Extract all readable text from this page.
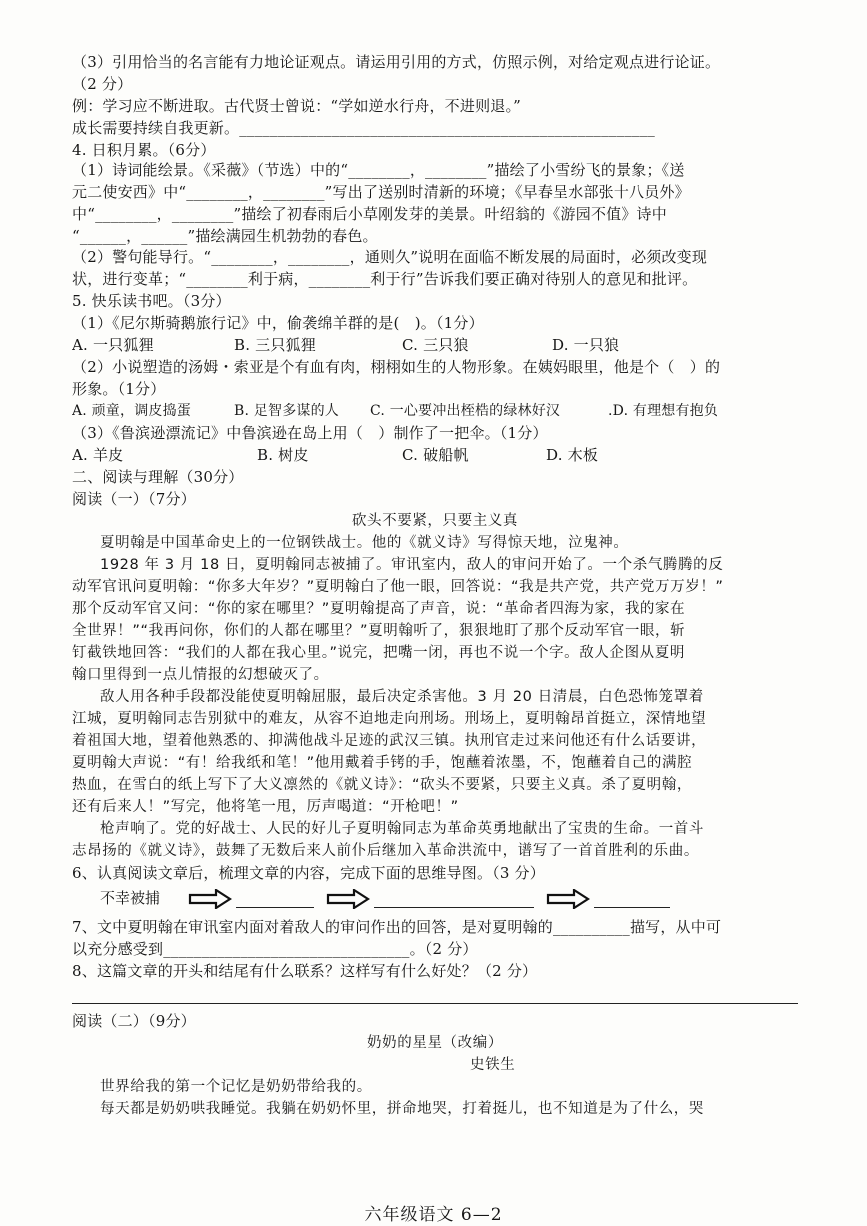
（3）引用恰当的名言能有力地论证观点。请运用引用的方式，仿照示例，对给定观点进行论证。
（2 分）
例：学习应不断进取。古代贤士曾说：“学如逆水行舟，不进则退。”
成长需要持续自我更新。______________________________________________________
4. 日积月累。（6分）
（1）诗词能绘景。《采薇》（节选）中的“________，________”描绘了小雪纷飞的景象；《送
元二使安西》中“________，________”写出了送别时清新的环境；《早春呈水部张十八员外》
中“________，________”描绘了初春雨后小草刚发芽的美景。叶绍翁的《游园不值》诗中
“______，______”描绘满园生机勃勃的春色。
（2）警句能导行。“________，________，通则久”说明在面临不断发展的局面时，必须改变现
状，进行变革；“________利于病，________利于行”告诉我们要正确对待别人的意见和批评。
5. 快乐读书吧。（3分）
（1）《尼尔斯骑鹅旅行记》中，偷袭绵羊群的是(　)。（1分）
A. 一只狐狸	B. 三只狐狸	C. 三只狼	D. 一只狼
（2）小说塑造的汤姆・索亚是个有血有肉，栩栩如生的人物形象。在姨妈眼里，他是个（　）的
形象。（1分）
A. 顽童，调皮捣蛋	B. 足智多谋的人	C. 一心要冲出桎梏的绿林好汉	.D. 有理想有抱负
（3）《鲁滨逊漂流记》中鲁滨逊在岛上用（　）制作了一把伞。（1分）
A. 羊皮	B. 树皮	C. 破船帆	D. 木板
二、阅读与理解（30分）
阅读（一）（7分）
砍头不要紧，只要主义真
夏明翰是中国革命史上的一位钢铁战士。他的《就义诗》写得惊天地，泣鬼神。
1928 年 3 月 18 日，夏明翰同志被捕了。审讯室内，敌人的审问开始了。一个杀气腾腾的反
动军官讯问夏明翰：“你多大年岁？”夏明翰白了他一眼，回答说：“我是共产党，共产党万万岁！”
那个反动军官又问：“你的家在哪里？”夏明翰提高了声音，说：“革命者四海为家，我的家在
全世界！”“我再问你，你们的人都在哪里？”夏明翰听了，狠狠地盯了那个反动军官一眼，斩
钉截铁地回答：“我们的人都在我心里。”说完，把嘴一闭，再也不说一个字。敌人企图从夏明
翰口里得到一点儿情报的幻想破灭了。
敌人用各种手段都没能使夏明翰屈服，最后决定杀害他。3 月 20 日清晨，白色恐怖笼罩着
江城，夏明翰同志告别狱中的难友，从容不迫地走向刑场。刑场上，夏明翰昂首挺立，深情地望
着祖国大地，望着他熟悉的、抑满他战斗足迹的武汉三镇。执刑官走过来问他还有什么话要讲，
夏明翰大声说：“有！给我纸和笔！”他用戴着手铐的手，饱蘸着浓墨，不，饱蘸着自己的满腔
热血，在雪白的纸上写下了大义凛然的《就义诗》：“砍头不要紧，只要主义真。杀了夏明翰，
还有后来人！”写完，他将笔一甩，厉声喝道：“开枪吧！”
枪声响了。党的好战士、人民的好儿子夏明翰同志为革命英勇地献出了宝贵的生命。一首斗
志昂扬的《就义诗》，鼓舞了无数后来人前仆后继加入革命洪流中，谱写了一首首胜利的乐曲。
6、认真阅读文章后，梳理文章的内容，完成下面的思维导图。（3 分）
不幸被捕
7、文中夏明翰在审讯室内面对着敌人的审问作出的回答，是对夏明翰的__________描写，从中可
以充分感受到________________________________。（2 分）
8、这篇文章的开头和结尾有什么联系？这样写有什么好处？（2 分）
阅读（二）（9分）
奶奶的星星（改编）
史铁生
世界给我的第一个记忆是奶奶带给我的。
每天都是奶奶哄我睡觉。我躺在奶奶怀里，拼命地哭，打着挺儿，也不知道是为了什么，哭
六年级语文 6—2
